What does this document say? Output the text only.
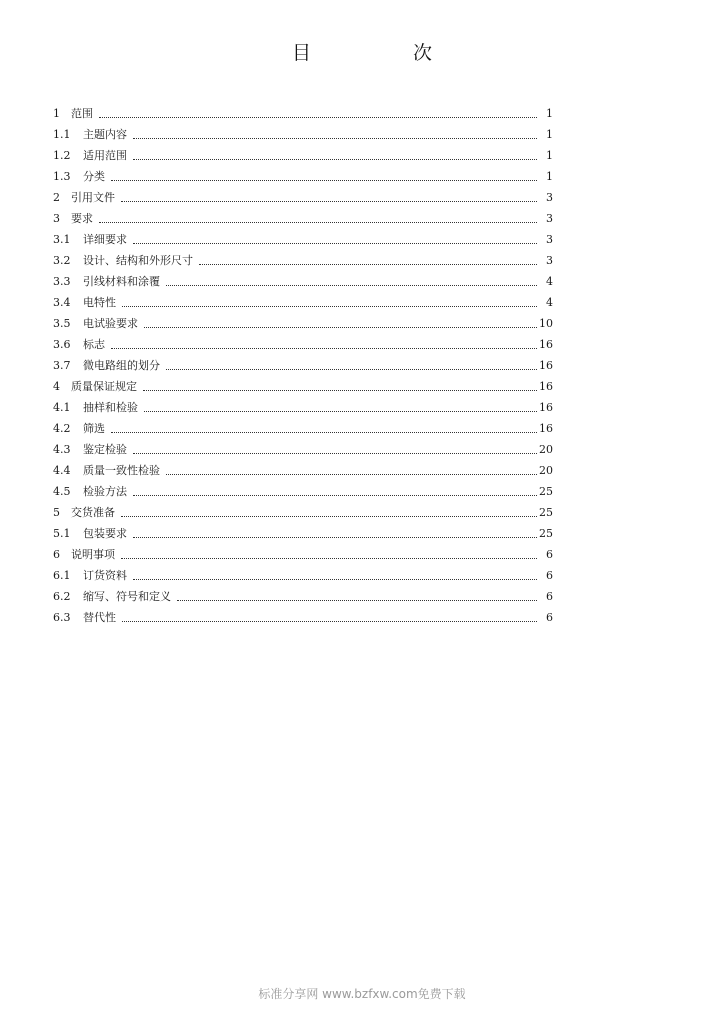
目 次
1	范围	1
1.1	主题内容	1
1.2	适用范围	1
1.3	分类	1
2	引用文件	3
3	要求	3
3.1	详细要求	3
3.2	设计、结构和外形尺寸	3
3.3	引线材料和涂覆	4
3.4	电特性	4
3.5	电试验要求	10
3.6	标志	16
3.7	微电路组的划分	16
4	质量保证规定	16
4.1	抽样和检验	16
4.2	筛选	16
4.3	鉴定检验	20
4.4	质量一致性检验	20
4.5	检验方法	25
5	交货准备	25
5.1	包装要求	25
6	说明事项	6
6.1	订货资料	6
6.2	缩写、符号和定义	6
6.3	替代性	6
标准分享网 www.bzfxw.com免费下载
